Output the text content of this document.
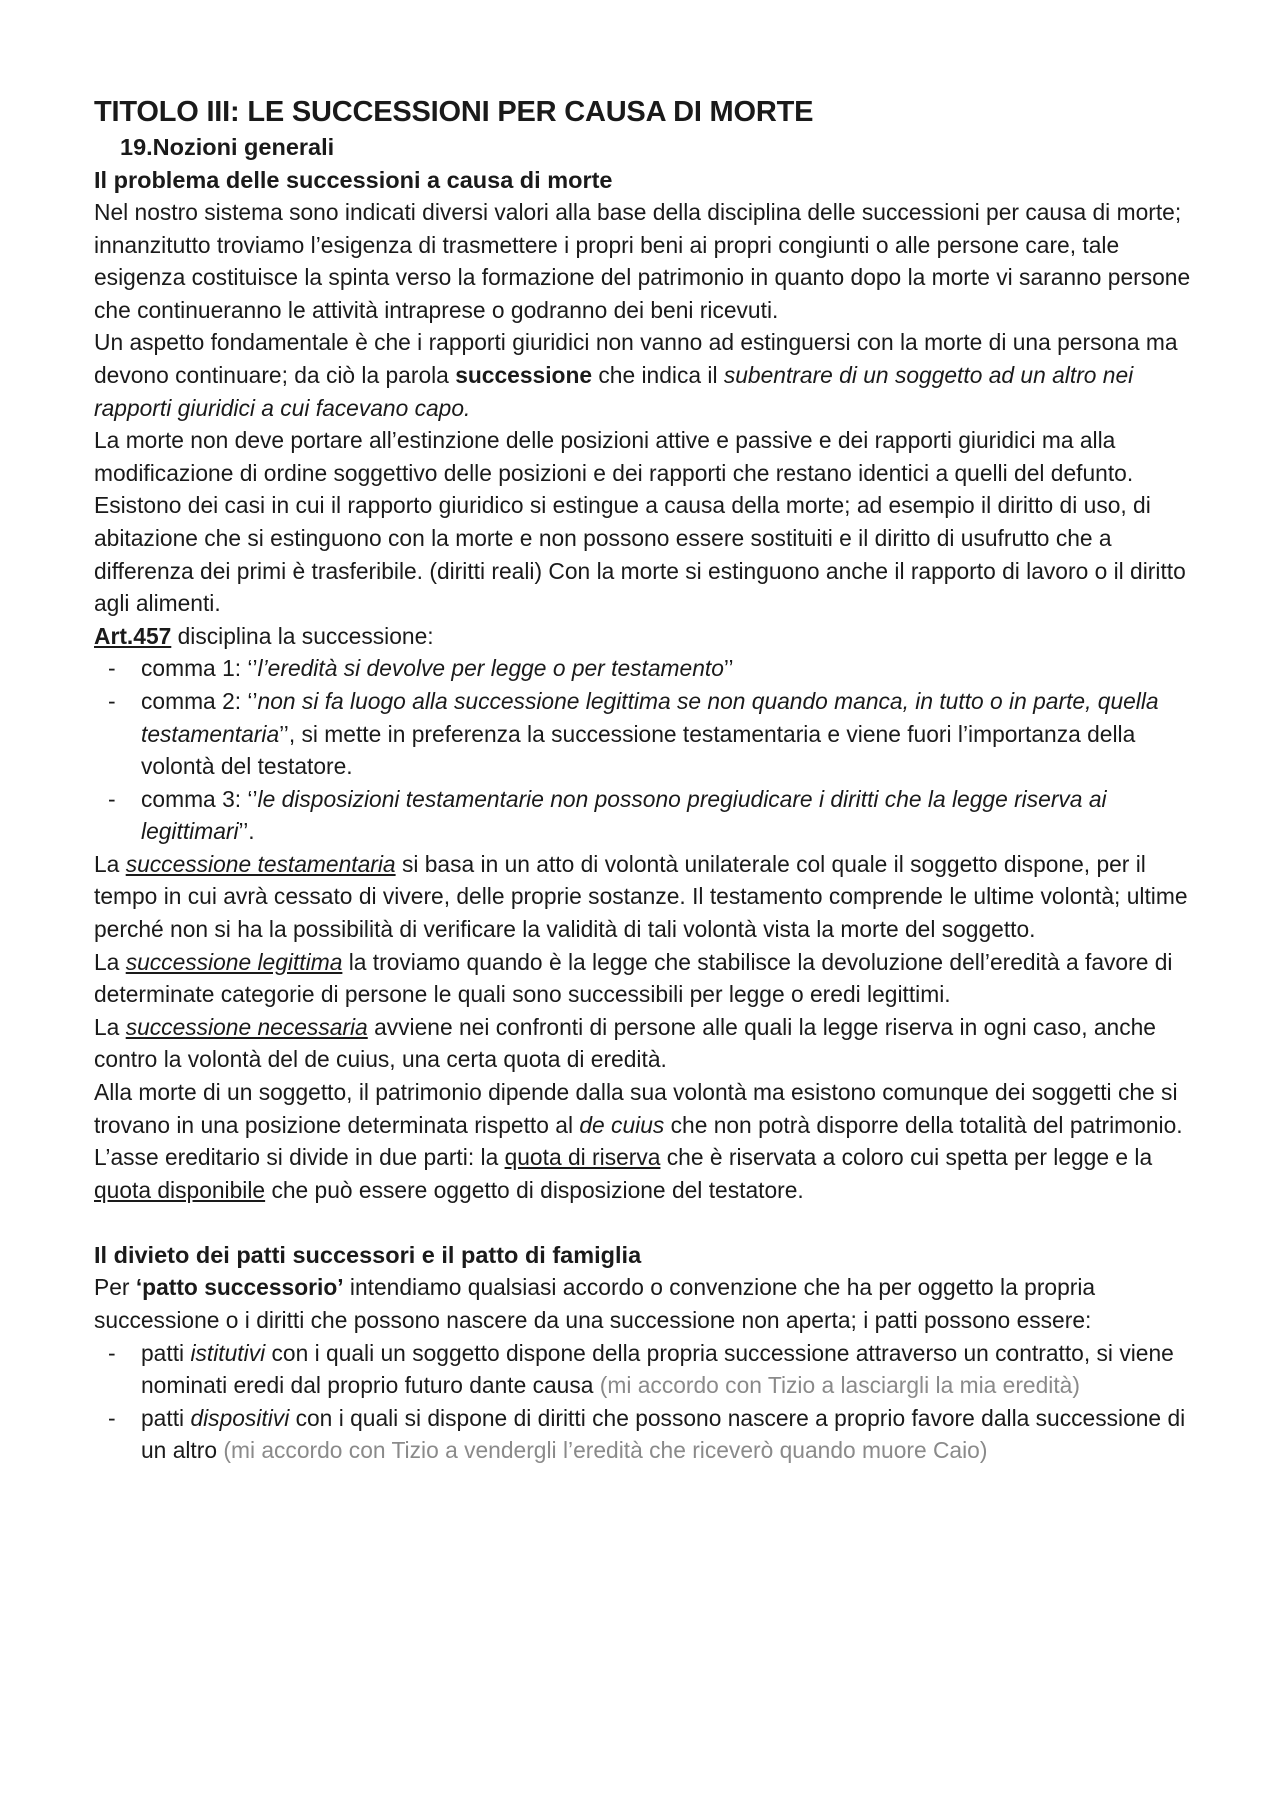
TITOLO III: LE SUCCESSIONI PER CAUSA DI MORTE
19.Nozioni generali
Il problema delle successioni a causa di morte

Nel nostro sistema sono indicati diversi valori alla base della disciplina delle successioni per causa di morte; innanzitutto troviamo l’esigenza di trasmettere i propri beni ai propri congiunti o alle persone care, tale esigenza costituisce la spinta verso la formazione del patrimonio in quanto dopo la morte vi saranno persone che continueranno le attività intraprese o godranno dei beni ricevuti.

Un aspetto fondamentale è che i rapporti giuridici non vanno ad estinguersi con la morte di una persona ma devono continuare; da ciò la parola successione che indica il subentrare di un soggetto ad un altro nei rapporti giuridici a cui facevano capo.

La morte non deve portare all’estinzione delle posizioni attive e passive e dei rapporti giuridici ma alla modificazione di ordine soggettivo delle posizioni e dei rapporti che restano identici a quelli del defunto.

Esistono dei casi in cui il rapporto giuridico si estingue a causa della morte; ad esempio il diritto di uso, di abitazione che si estinguono con la morte e non possono essere sostituiti e il diritto di usufrutto che a differenza dei primi è trasferibile. (diritti reali) Con la morte si estinguono anche il rapporto di lavoro o il diritto agli alimenti.

Art.457 disciplina la successione:

- comma 1: ‘’l’eredità si devolve per legge o per testamento’’
- comma 2: ‘’non si fa luogo alla successione legittima se non quando manca, in tutto o in parte, quella testamentaria’’, si mette in preferenza la successione testamentaria e viene fuori l’importanza della volontà del testatore.
- comma 3: ‘’le disposizioni testamentarie non possono pregiudicare i diritti che la legge riserva ai legittimari’’.

La successione testamentaria si basa in un atto di volontà unilaterale col quale il soggetto dispone, per il tempo in cui avrà cessato di vivere, delle proprie sostanze. Il testamento comprende le ultime volontà; ultime perché non si ha la possibilità di verificare la validità di tali volontà vista la morte del soggetto.

La successione legittima la troviamo quando è la legge che stabilisce la devoluzione dell’eredità a favore di determinate categorie di persone le quali sono successibili per legge o eredi legittimi.

La successione necessaria avviene nei confronti di persone alle quali la legge riserva in ogni caso, anche contro la volontà del de cuius, una certa quota di eredità.

Alla morte di un soggetto, il patrimonio dipende dalla sua volontà ma esistono comunque dei soggetti che si trovano in una posizione determinata rispetto al de cuius che non potrà disporre della totalità del patrimonio.

L’asse ereditario si divide in due parti: la quota di riserva che è riservata a coloro cui spetta per legge e la quota disponibile che può essere oggetto di disposizione del testatore.

Il divieto dei patti successori e il patto di famiglia

Per ‘patto successorio’ intendiamo qualsiasi accordo o convenzione che ha per oggetto la propria successione o i diritti che possono nascere da una successione non aperta; i patti possono essere:

- patti istitutivi con i quali un soggetto dispone della propria successione attraverso un contratto, si viene nominati eredi dal proprio futuro dante causa (mi accordo con Tizio a lasciargli la mia eredità)
- patti dispositivi con i quali si dispone di diritti che possono nascere a proprio favore dalla successione di un altro (mi accordo con Tizio a vendergli l’eredità che riceverò quando muore Caio)
